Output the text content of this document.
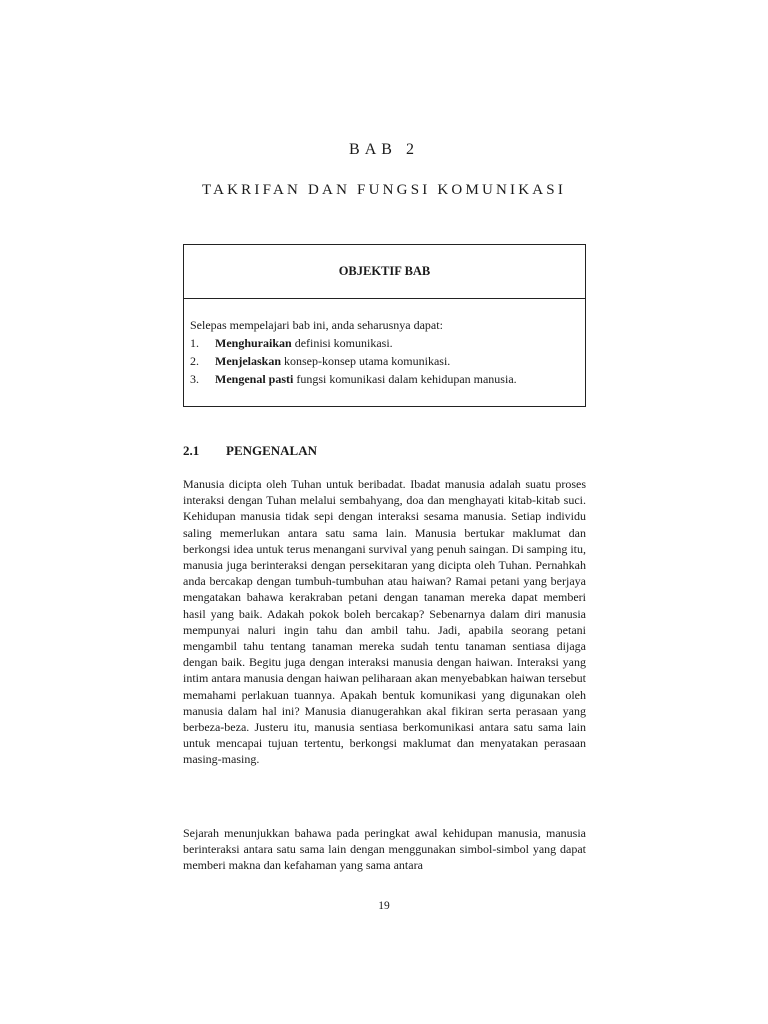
BAB 2
TAKRIFAN DAN FUNGSI KOMUNIKASI
OBJEKTIF BAB
Selepas mempelajari bab ini, anda seharusnya dapat:
1.	Menghuraikan definisi komunikasi.
2.	Menjelaskan konsep-konsep utama komunikasi.
3.	Mengenal pasti fungsi komunikasi dalam kehidupan manusia.
2.1	PENGENALAN

Manusia dicipta oleh Tuhan untuk beribadat. Ibadat manusia adalah suatu proses interaksi dengan Tuhan melalui sembahyang, doa dan menghayati kitab-kitab suci. Kehidupan manusia tidak sepi dengan interaksi sesama manusia. Setiap individu saling memerlukan antara satu sama lain. Manusia bertukar maklumat dan berkongsi idea untuk terus menangani survival yang penuh saingan. Di samping itu, manusia juga berinteraksi dengan persekitaran yang dicipta oleh Tuhan. Pernahkah anda bercakap dengan tumbuh-tumbuhan atau haiwan? Ramai petani yang berjaya mengatakan bahawa kerakraban petani dengan tanaman mereka dapat memberi hasil yang baik. Adakah pokok boleh bercakap? Sebenarnya dalam diri manusia mempunyai naluri ingin tahu dan ambil tahu. Jadi, apabila seorang petani mengambil tahu tentang tanaman mereka sudah tentu tanaman sentiasa dijaga dengan baik. Begitu juga dengan interaksi manusia dengan haiwan. Interaksi yang intim antara manusia dengan haiwan peliharaan akan menyebabkan haiwan tersebut memahami perlakuan tuannya. Apakah bentuk komunikasi yang digunakan oleh manusia dalam hal ini? Manusia dianugerahkan akal fikiran serta perasaan yang berbeza-beza. Justeru itu, manusia sentiasa berkomunikasi antara satu sama lain untuk mencapai tujuan tertentu, berkongsi maklumat dan menyatakan perasaan masing-masing.

Sejarah menunjukkan bahawa pada peringkat awal kehidupan manusia, manusia berinteraksi antara satu sama lain dengan menggunakan simbol-simbol yang dapat memberi makna dan kefahaman yang sama antara

19
